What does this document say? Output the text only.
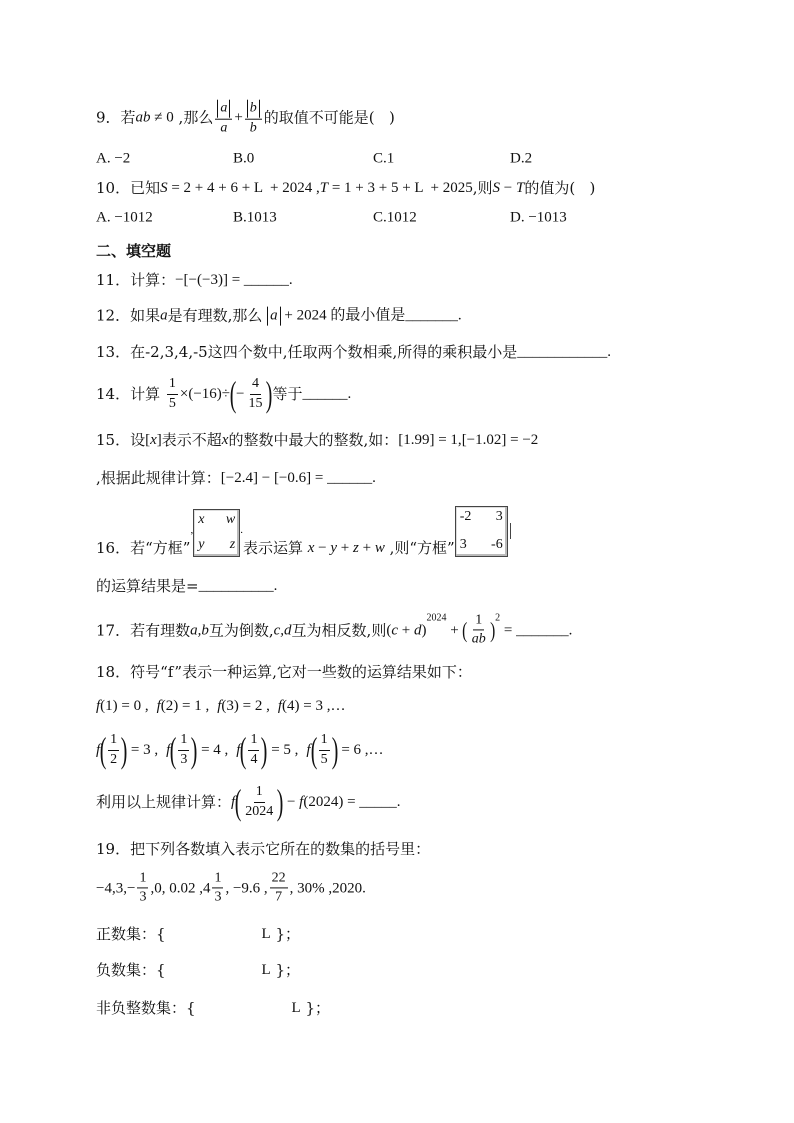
9．若 ab ≠ 0 ,那么 $\frac{a}{a} + \frac{b}{b}$ 的取值不可能是(   )
A. −2	B.0	C.1	D.2
10．已知 S = 2 + 4 + 6 + L  + 2024 , T = 1 + 3 + 5 + L  + 2025 ,则 S − T 的值为(   )
A. −1012	B.1013	C.1012	D. −1013
二、填空题
11．计算： −[−(−3)] = ______ .
12．如果 a 是有理数,那么 a + 2024 的最小值是 _______ .
13．在-2,3,4,-5这四个数中,任取两个数相乘,所得的乘积最小是 ____________ .
14．计算 $\frac{1}{5} \times(-16)\div$ ( − $\frac{4}{15}$ ) 等于 ______ .
15．设 [ x ] 表示不超 x 的整数中最大的整数,如： [1.99] = 1, [−1.02] = −2
,根据此规律计算： [−2.4] − [−0.6] = ______ .
16．若“方框”
,
x	w
y	z
.
表示运算 x − y + z + w ,则“方框”
-2	3
3	-6
的运算结果是= __________ .
17．若有理数 a,b 互为倒数, c,d 互为相反数,则 ( c + d )
2024
+ ( $\frac{1}{ab}$ ) 2
= _______ .
18．符号“f”表示一种运算,它对一些数的运算结果如下：
f (1) = 0 , f (2) = 1 , f (3) = 2 , f (4) = 3 ,…
f ( $\frac{1}{2}$ ) = 3 , f ( $\frac{1}{3}$ ) = 4 , f ( $\frac{1}{4}$ ) = 5 , f ( $\frac{1}{5}$ ) = 6 ,…
利用以上规律计算： f ( $\frac{1}{2024}$ ) − f (2024) = _____ .
19．把下列各数填入表示它所在的数集的括号里：
−4,3, − $\frac{1}{3} ,0$, 0.02 , $4 \frac{1}{3}$ , −9.6 , $\frac{22}{7}$ , 30% ,2020.
正数集：{	L }；
负数集：{	L }；
非负整数集：{	L }；
